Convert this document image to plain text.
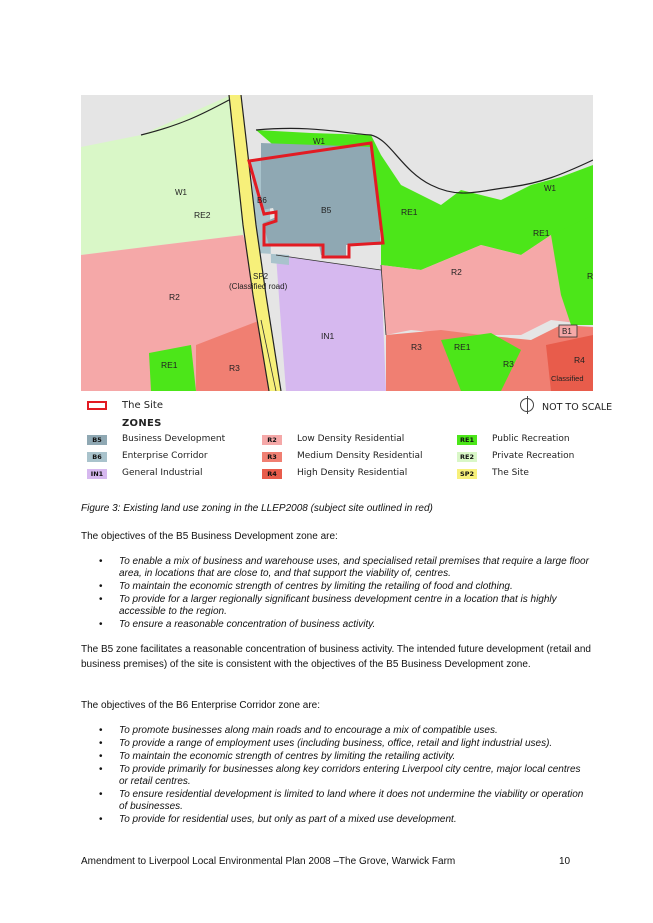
B5
B6
IN1
RE1
RE1
RE1
RE1
RE2
R2
R2
R3
R3
R3	R4
B1
R
SP2
(Classified road)
Classified
W1
W1	W1
The Site	NOT TO SCALE
ZONES
B5	Business Development
B6	Enterprise Corridor
IN1	General Industrial
R2	Low Density Residential
R3	Medium Density Residential
R4	High Density Residential
RE1	Public Recreation
RE2	Private Recreation
SP2	The Site
Figure 3: Existing land use zoning in the LLEP2008 (subject site outlined in red)
The objectives of the B5 Business Development zone are:
• To enable a mix of business and warehouse uses, and specialised retail premises that require a large floor area, in locations that are close to, and that support the viability of, centres.
• To maintain the economic strength of centres by limiting the retailing of food and clothing.
• To provide for a larger regionally significant business development centre in a location that is highly accessible to the region.
• To ensure a reasonable concentration of business activity.
The B5 zone facilitates a reasonable concentration of business activity. The intended future development (retail and business premises) of the site is consistent with the objectives of the B5 Business Development zone.
The objectives of the B6 Enterprise Corridor zone are:
• To promote businesses along main roads and to encourage a mix of compatible uses.
• To provide a range of employment uses (including business, office, retail and light industrial uses).
• To maintain the economic strength of centres by limiting the retailing activity.
• To provide primarily for businesses along key corridors entering Liverpool city centre, major local centres or retail centres.
• To ensure residential development is limited to land where it does not undermine the viability or operation of businesses.
• To provide for residential uses, but only as part of a mixed use development.
Amendment to Liverpool Local Environmental Plan 2008 –The Grove, Warwick Farm	10
